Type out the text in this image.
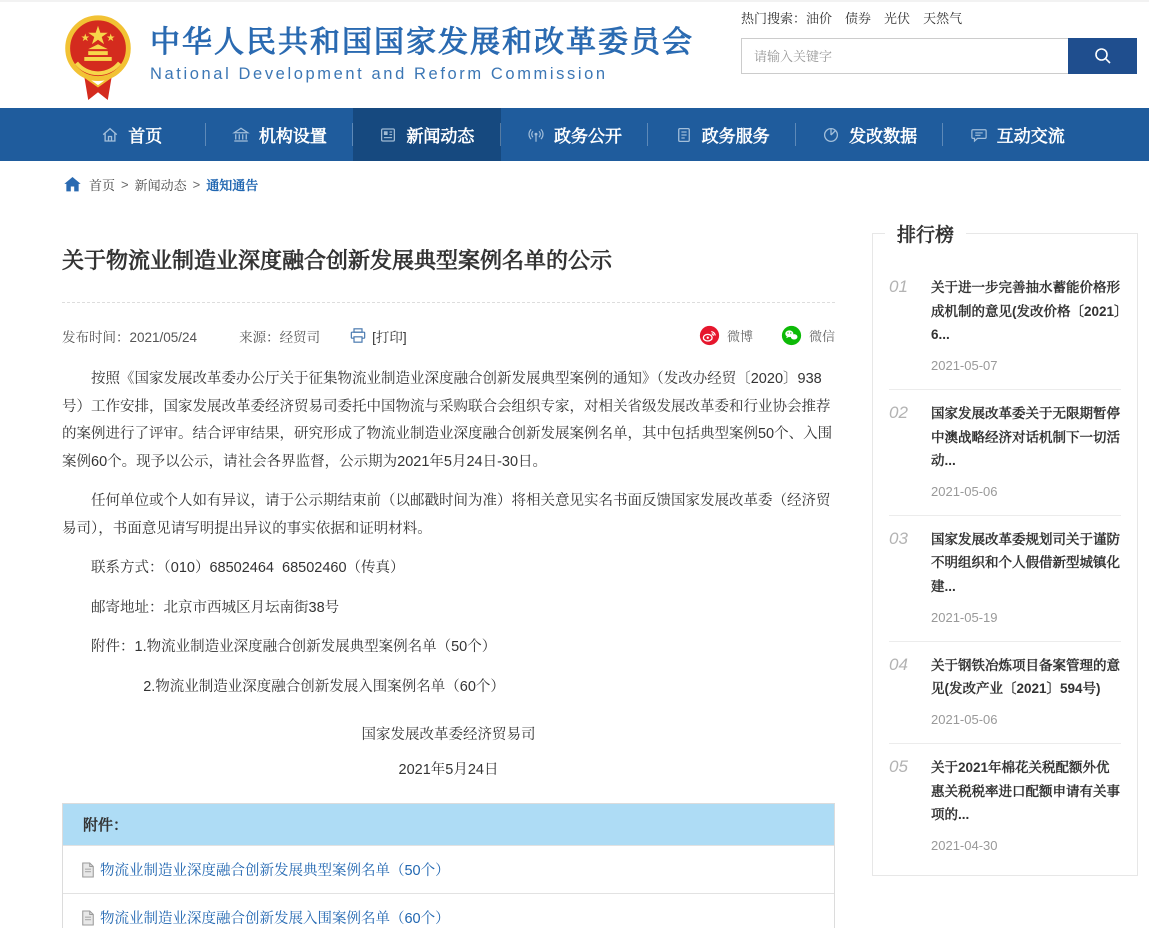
中华人民共和国国家发展和改革委员会
National Development and Reform Commission
热门搜索：油价 债券 光伏 天然气
请输入关键字
首页	机构设置	新闻动态	政务公开	政务服务	发改数据	互动交流
首页 > 新闻动态 > 通知通告
关于物流业制造业深度融合创新发展典型案例名单的公示
发布时间：2021/05/24	来源：经贸司	[打印]	微博	微信

按照《国家发展改革委办公厅关于征集物流业制造业深度融合创新发展典型案例的通知》（发改办经贸〔2020〕938号）工作安排，国家发展改革委经济贸易司委托中国物流与采购联合会组织专家，对相关省级发展改革委和行业协会推荐的案例进行了评审。结合评审结果，研究形成了物流业制造业深度融合创新发展案例名单，其中包括典型案例50个、入围案例60个。现予以公示，请社会各界监督，公示期为2021年5月24日-30日。

任何单位或个人如有异议，请于公示期结束前（以邮戳时间为准）将相关意见实名书面反馈国家发展改革委（经济贸易司），书面意见请写明提出异议的事实依据和证明材料。

联系方式：（010）68502464  68502460（传真）

邮寄地址：北京市西城区月坛南街38号

附件：1.物流业制造业深度融合创新发展典型案例名单（50个）

2.物流业制造业深度融合创新发展入围案例名单（60个）

国家发展改革委经济贸易司
2021年5月24日
附件：
物流业制造业深度融合创新发展典型案例名单（50个）
物流业制造业深度融合创新发展入围案例名单（60个）
排行榜
01	关于进一步完善抽水蓄能价格形成机制的意见(发改价格〔2021〕6...
2021-05-07
02	国家发展改革委关于无限期暂停中澳战略经济对话机制下一切活动...
2021-05-06
03	国家发展改革委规划司关于谨防不明组织和个人假借新型城镇化建...
2021-05-19
04	关于钢铁冶炼项目备案管理的意见(发改产业〔2021〕594号)
2021-05-06
05	关于2021年棉花关税配额外优惠关税税率进口配额申请有关事项的...
2021-04-30
